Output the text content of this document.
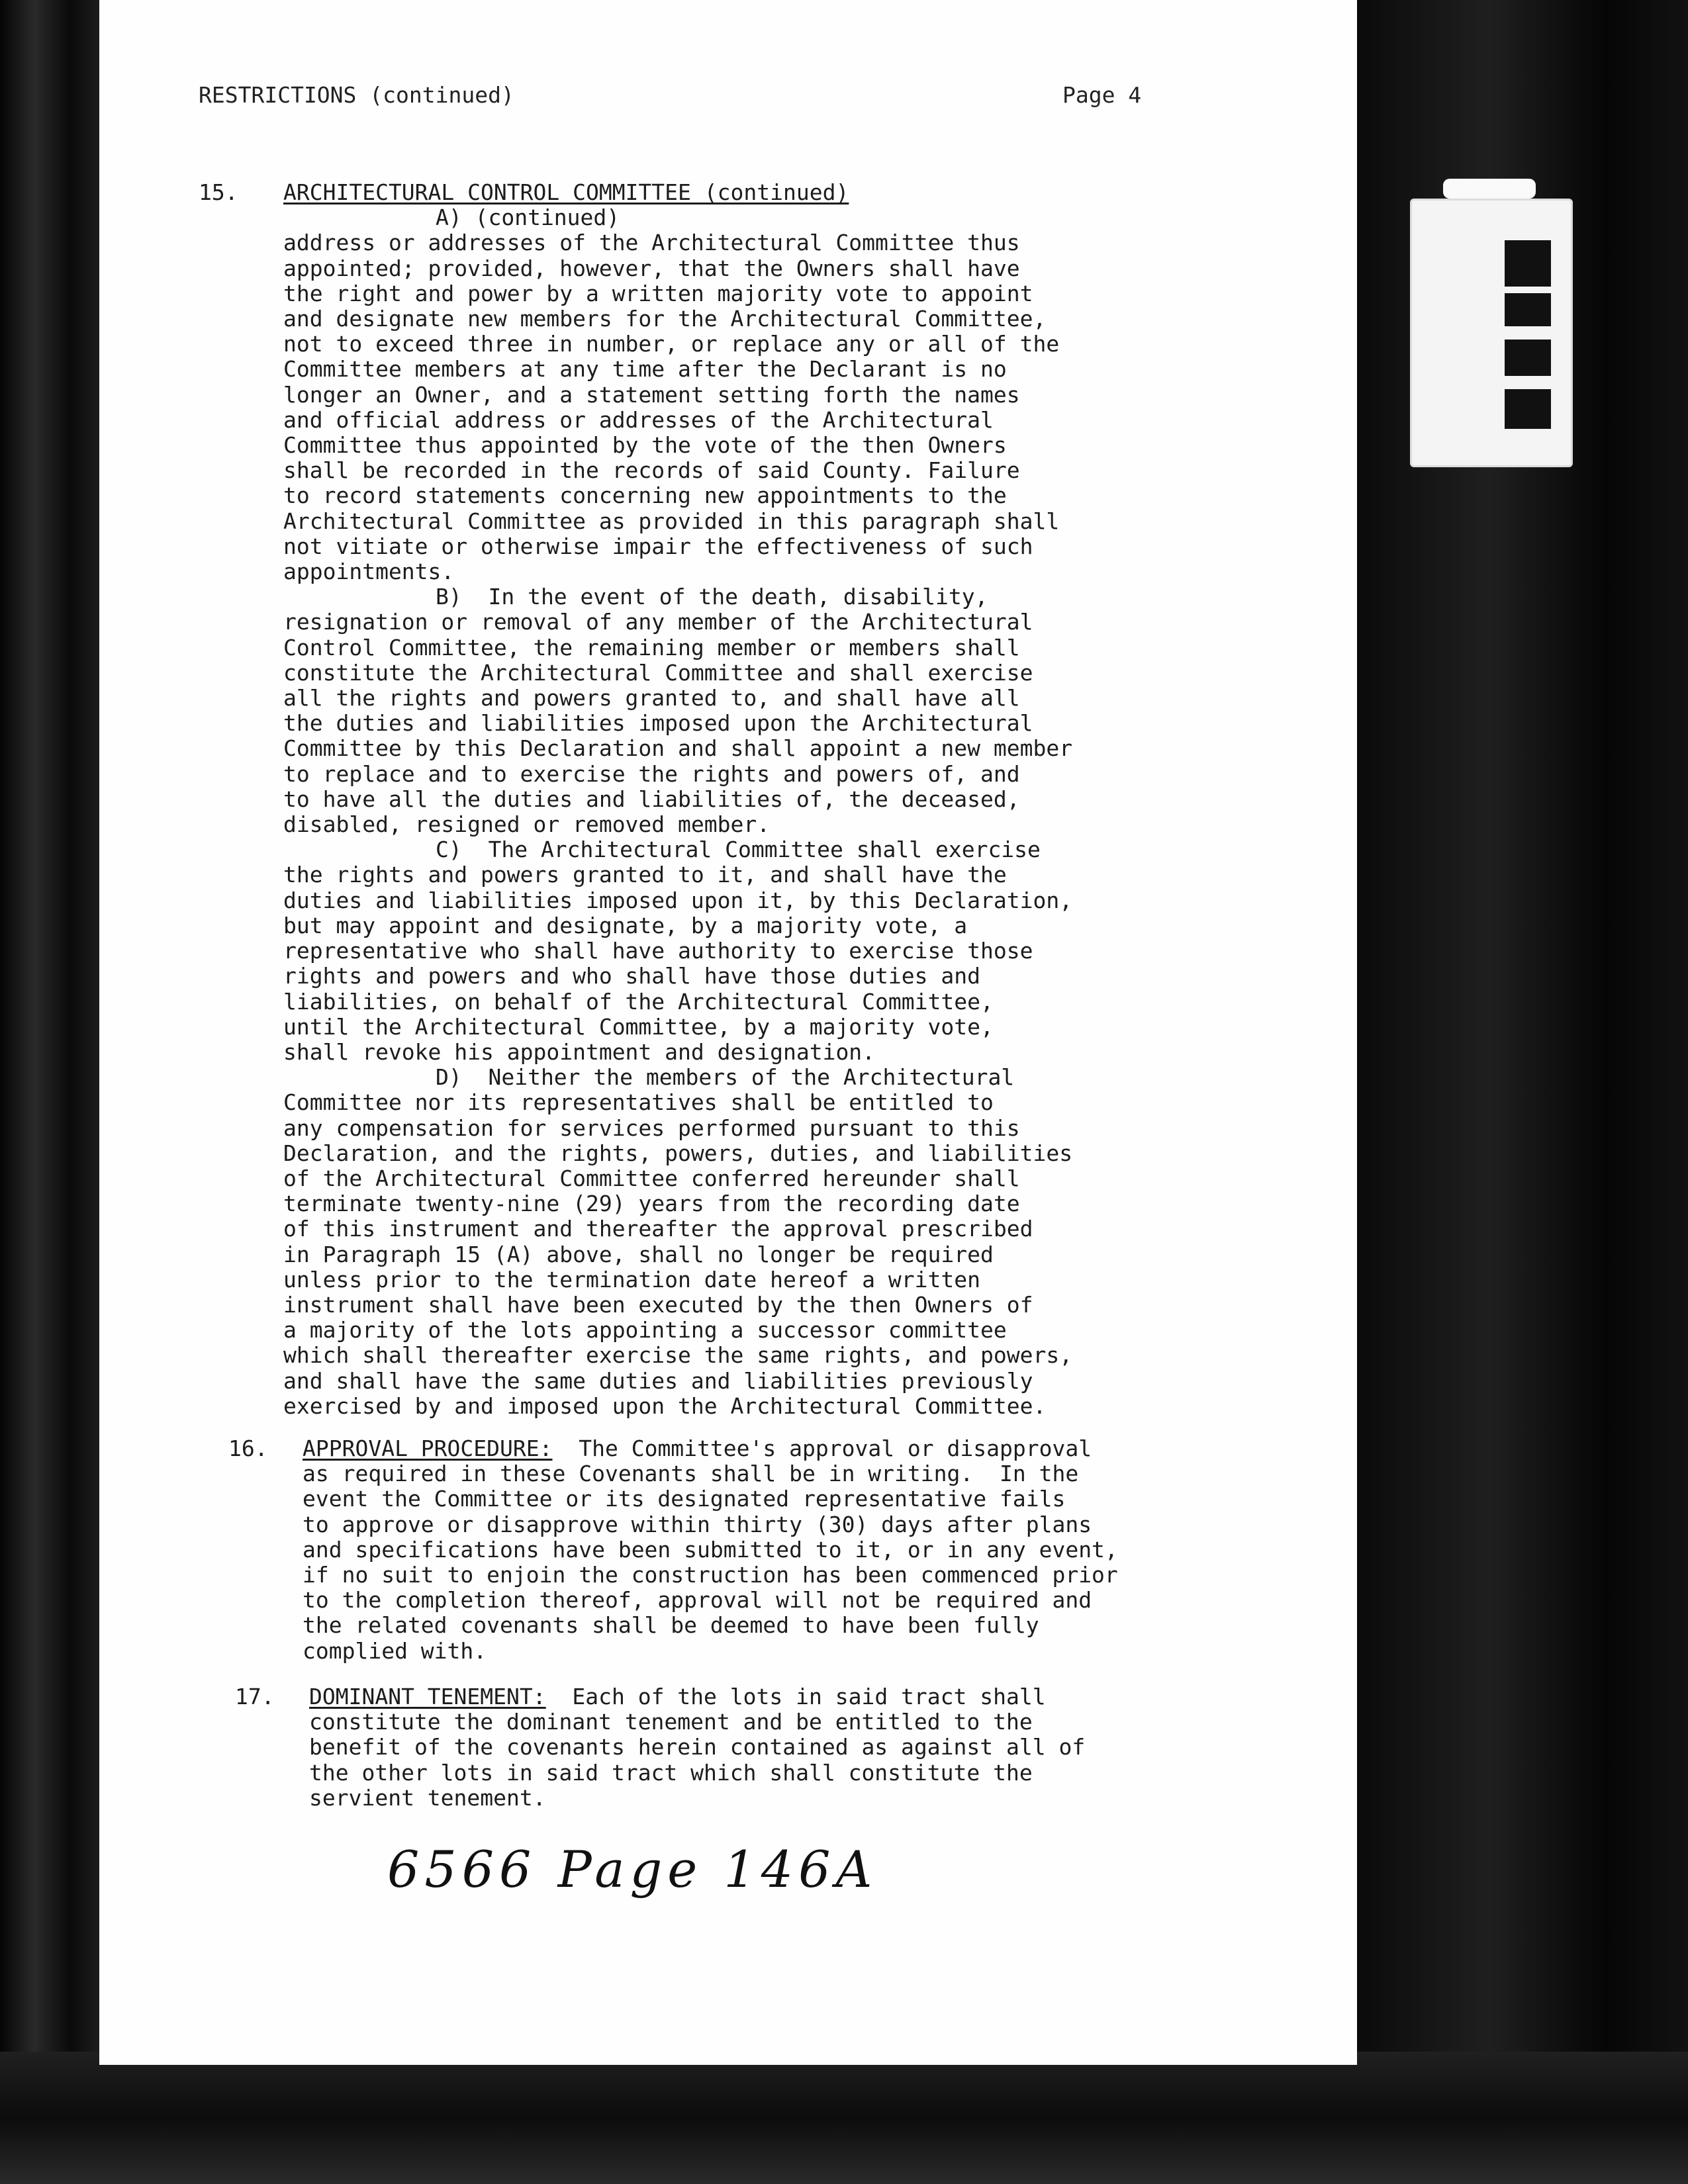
RESTRICTIONS (continued)	Page 4
15. ARCHITECTURAL CONTROL COMMITTEE (continued)
A) (continued)
address or addresses of the Architectural Committee thus
appointed; provided, however, that the Owners shall have
the right and power by a written majority vote to appoint
and designate new members for the Architectural Committee,
not to exceed three in number, or replace any or all of the
Committee members at any time after the Declarant is no
longer an Owner, and a statement setting forth the names
and official address or addresses of the Architectural
Committee thus appointed by the vote of the then Owners
shall be recorded in the records of said County. Failure
to record statements concerning new appointments to the
Architectural Committee as provided in this paragraph shall
not vitiate or otherwise impair the effectiveness of such
appointments.
B)  In the event of the death, disability,
resignation or removal of any member of the Architectural
Control Committee, the remaining member or members shall
constitute the Architectural Committee and shall exercise
all the rights and powers granted to, and shall have all
the duties and liabilities imposed upon the Architectural
Committee by this Declaration and shall appoint a new member
to replace and to exercise the rights and powers of, and
to have all the duties and liabilities of, the deceased,
disabled, resigned or removed member.
C)  The Architectural Committee shall exercise
the rights and powers granted to it, and shall have the
duties and liabilities imposed upon it, by this Declaration,
but may appoint and designate, by a majority vote, a
representative who shall have authority to exercise those
rights and powers and who shall have those duties and
liabilities, on behalf of the Architectural Committee,
until the Architectural Committee, by a majority vote,
shall revoke his appointment and designation.
D)  Neither the members of the Architectural
Committee nor its representatives shall be entitled to
any compensation for services performed pursuant to this
Declaration, and the rights, powers, duties, and liabilities
of the Architectural Committee conferred hereunder shall
terminate twenty-nine (29) years from the recording date
of this instrument and thereafter the approval prescribed
in Paragraph 15 (A) above, shall no longer be required
unless prior to the termination date hereof a written
instrument shall have been executed by the then Owners of
a majority of the lots appointing a successor committee
which shall thereafter exercise the same rights, and powers,
and shall have the same duties and liabilities previously
exercised by and imposed upon the Architectural Committee.
16. APPROVAL PROCEDURE:  The Committee's approval or disapproval
as required in these Covenants shall be in writing.  In the
event the Committee or its designated representative fails
to approve or disapprove within thirty (30) days after plans
and specifications have been submitted to it, or in any event,
if no suit to enjoin the construction has been commenced prior
to the completion thereof, approval will not be required and
the related covenants shall be deemed to have been fully
complied with.
17. DOMINANT TENEMENT:  Each of the lots in said tract shall
constitute the dominant tenement and be entitled to the
benefit of the covenants herein contained as against all of
the other lots in said tract which shall constitute the
servient tenement.
6566 Page 146A
